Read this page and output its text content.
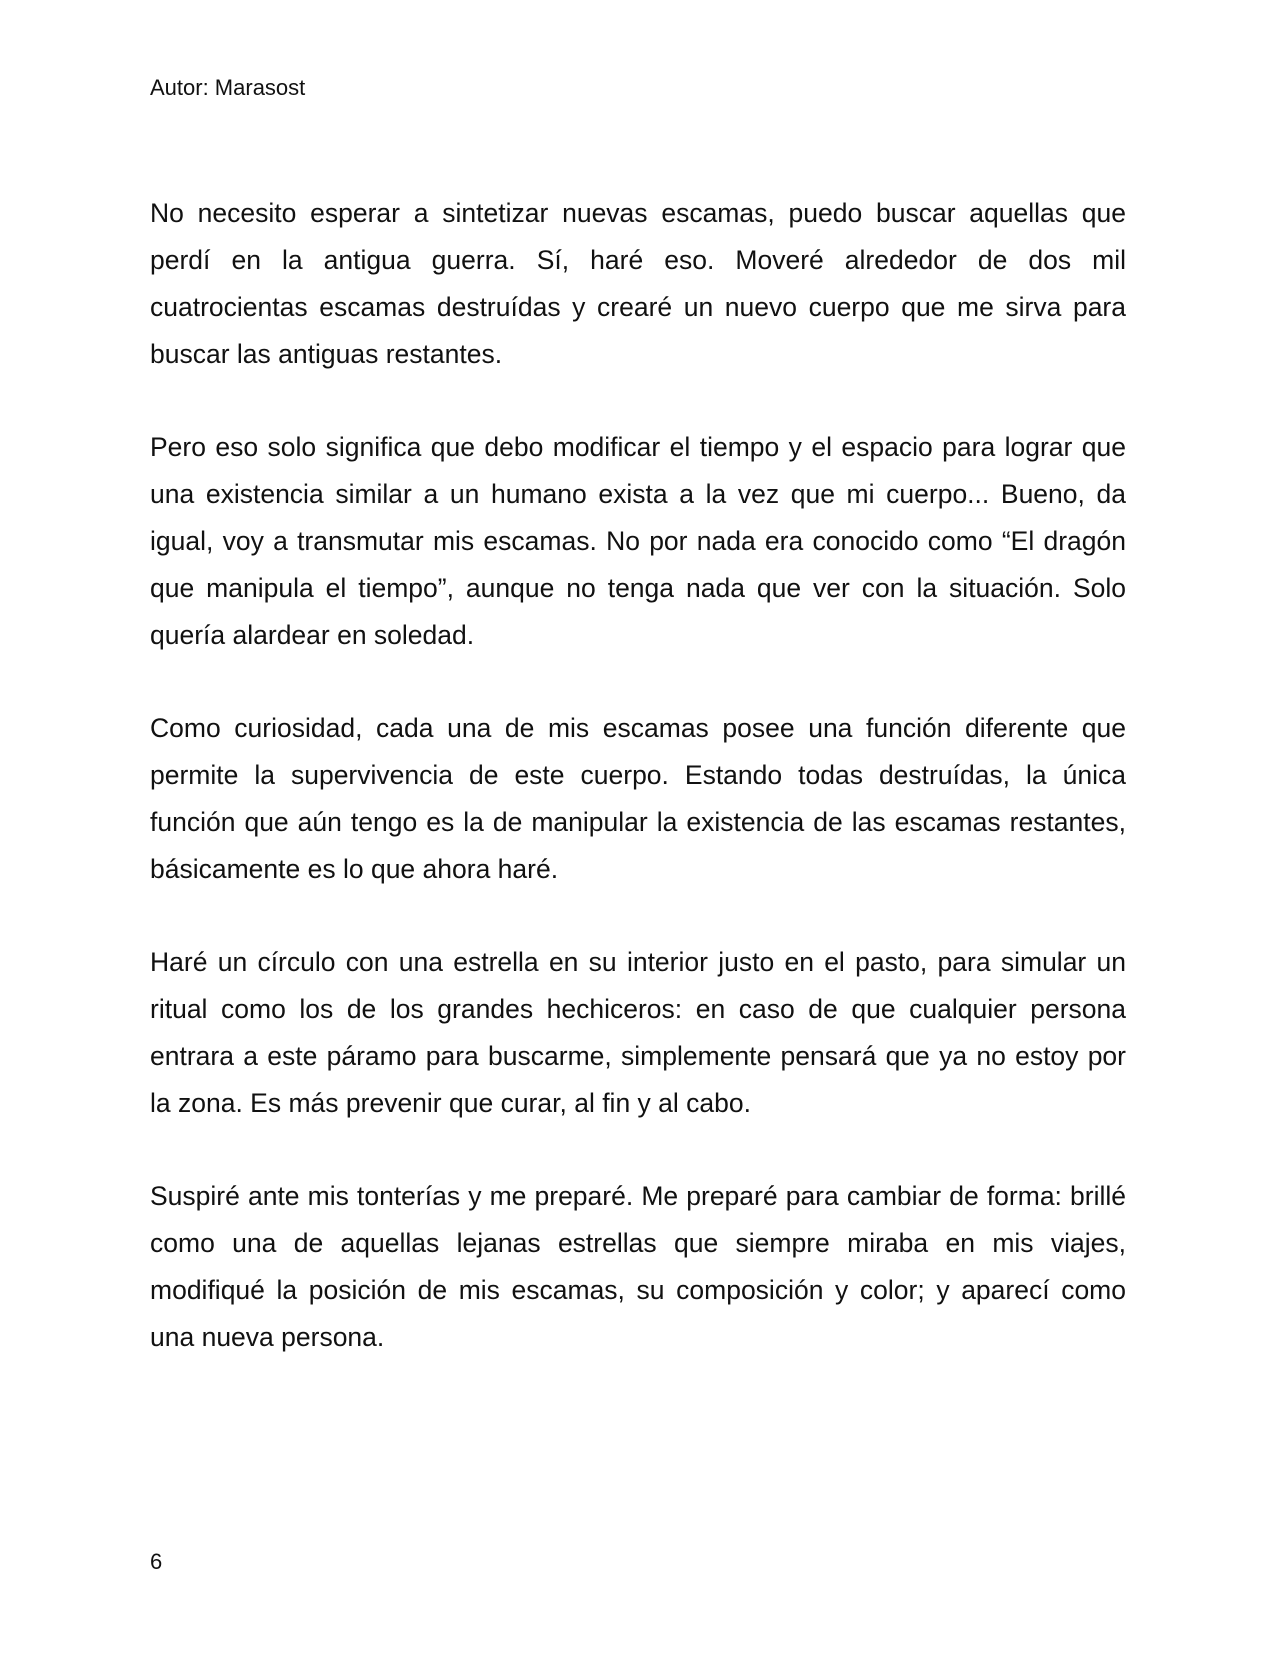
Autor: Marasost

No necesito esperar a sintetizar nuevas escamas, puedo buscar aquellas que perdí en la antigua guerra. Sí, haré eso. Moveré alrededor de dos mil cuatrocientas escamas destruídas y crearé un nuevo cuerpo que me sirva para buscar las antiguas restantes.

Pero eso solo significa que debo modificar el tiempo y el espacio para lograr que una existencia similar a un humano exista a la vez que mi cuerpo... Bueno, da igual, voy a transmutar mis escamas. No por nada era conocido como “El dragón que manipula el tiempo”, aunque no tenga nada que ver con la situación. Solo quería alardear en soledad.

Como curiosidad, cada una de mis escamas posee una función diferente que permite la supervivencia de este cuerpo. Estando todas destruídas, la única función que aún tengo es la de manipular la existencia de las escamas restantes, básicamente es lo que ahora haré.

Haré un círculo con una estrella en su interior justo en el pasto, para simular un ritual como los de los grandes hechiceros: en caso de que cualquier persona entrara a este páramo para buscarme, simplemente pensará que ya no estoy por la zona. Es más prevenir que curar, al fin y al cabo.

Suspiré ante mis tonterías y me preparé. Me preparé para cambiar de forma: brillé como una de aquellas lejanas estrellas que siempre miraba en mis viajes, modifiqué la posición de mis escamas, su composición y color; y aparecí como una nueva persona.

6
